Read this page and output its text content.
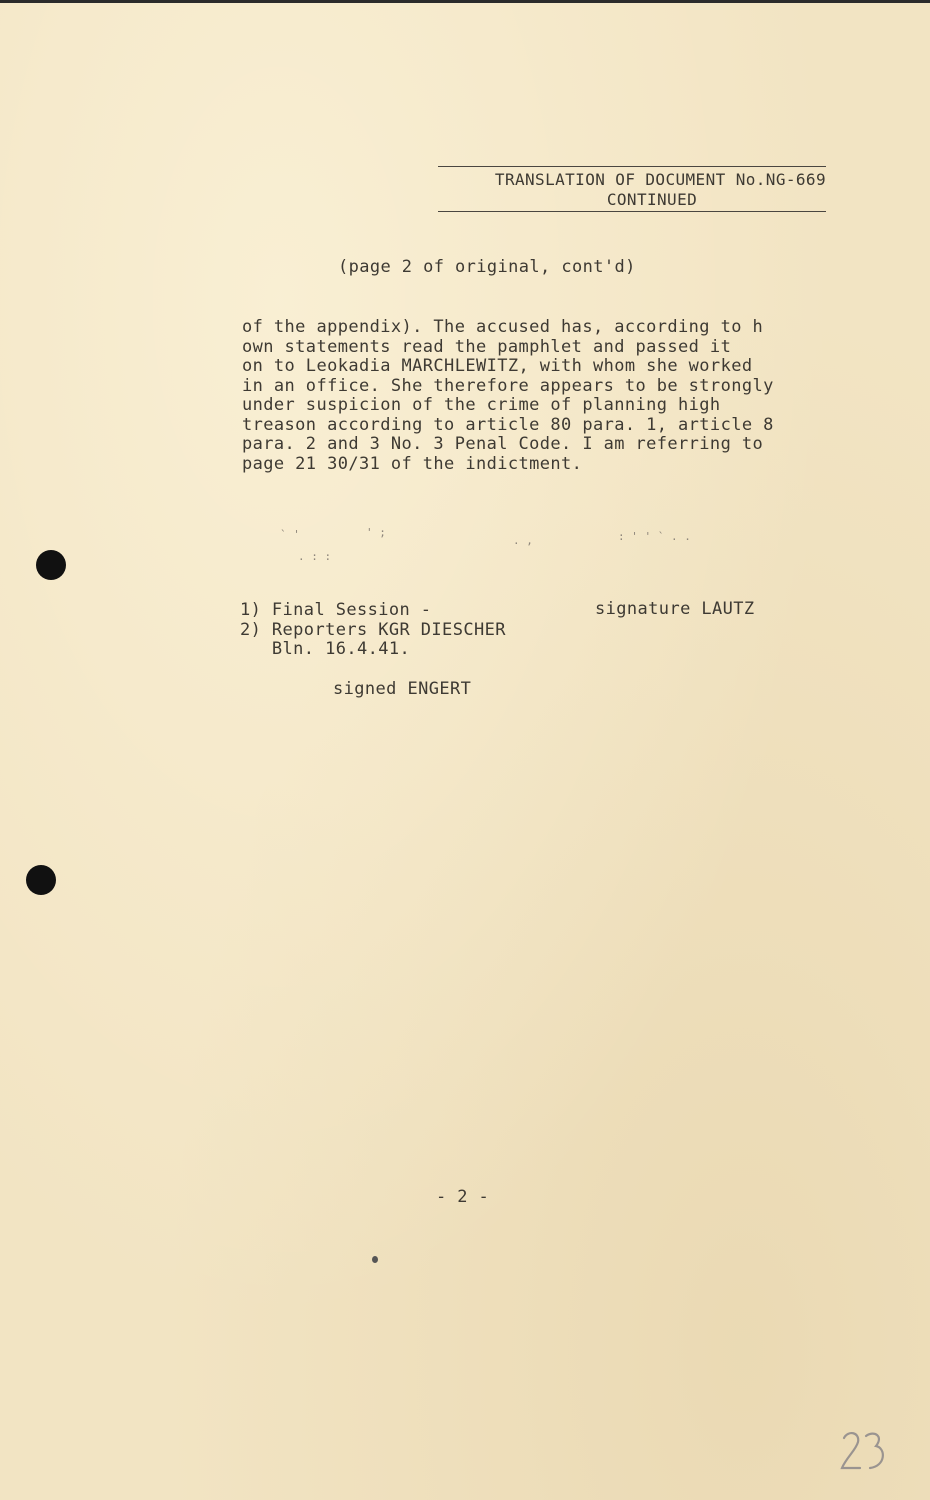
TRANSLATION OF DOCUMENT No.NG-669
CONTINUED
(page 2 of original, cont'd)
of the appendix). The accused has, according to h
own statements read the pamphlet and passed it
on to Leokadia MARCHLEWITZ, with whom she worked
in an office. She therefore appears to be strongly
under suspicion of the crime of planning high
treason according to article 80 para. 1, article 8
para. 2 and 3 No. 3 Penal Code. I am referring to
page 21 30/31 of the indictment.
` '	' ;
. ,	: ' ' ` . .
. : :
1) Final Session -
2) Reporters KGR DIESCHER
Bln. 16.4.41.
signature LAUTZ
signed ENGERT
- 2 -
